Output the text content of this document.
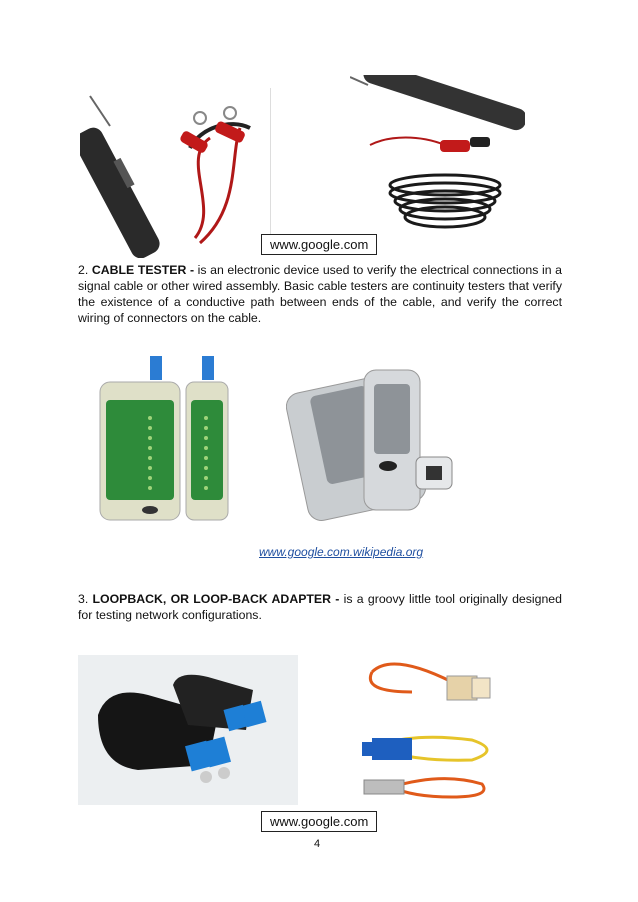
www.google.com
2. CABLE TESTER - is an electronic device used to verify the electrical connections in a signal cable or other wired assembly. Basic cable testers are continuity testers that verify the existence of a conductive path between ends of the cable, and verify the correct wiring of connectors on the cable.
www.google.com.wikipedia.org
3. LOOPBACK, OR LOOP-BACK ADAPTER - is a groovy little tool originally designed for testing network configurations.
www.google.com
4
